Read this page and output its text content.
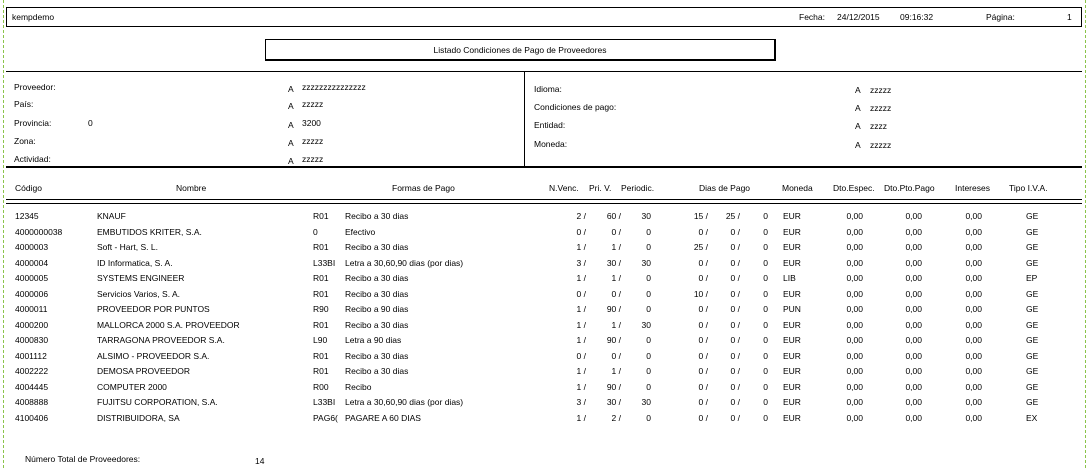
kempdemo	Fecha: 24/12/2015 09:16:32	Página:	1
Listado Condiciones de Pago de Proveedores
Proveedor:	A zzzzzzzzzzzzzzz
País:	A zzzzz
Provincia:	0	A 3200
Zona:	A zzzzz
Actividad:	A zzzzz
Idioma:	A zzzzz
Condiciones de pago:	A zzzzz
Entidad:	A zzzz
Moneda:	A zzzzz
Código	Nombre	Formas de Pago	N.Venc. Pri. V. Periodic.	Dias de Pago	Moneda Dto.Espec. Dto.Pto.Pago Intereses Tipo I.V.A.
12345	KNAUF	R01	Recibo a 30 dias	2 /	60 /	30	15 /	25 /	0 EUR	0,00	0,00	0,00	GE
4000000038	EMBUTIDOS KRITER, S.A.	0	Efectivo	0 /	0 /	0	0 /	0 /	0 EUR	0,00	0,00	0,00	GE
4000003	Soft - Hart, S. L.	R01	Recibo a 30 dias	1 /	1 /	0	25 /	0 /	0 EUR	0,00	0,00	0,00	GE
4000004	ID Informatica, S. A.	L33BI	Letra a 30,60,90 dias (por dias)	3 /	30 /	30	0 /	0 /	0 EUR	0,00	0,00	0,00	GE
4000005	SYSTEMS ENGINEER	R01	Recibo a 30 dias	1 /	1 /	0	0 /	0 /	0 LIB	0,00	0,00	0,00	EP
4000006	Servicios Varios, S. A.	R01	Recibo a 30 dias	0 /	0 /	0	10 /	0 /	0 EUR	0,00	0,00	0,00	GE
4000011	PROVEEDOR POR PUNTOS	R90	Recibo a 90 dias	1 /	90 /	0	0 /	0 /	0 PUN	0,00	0,00	0,00	GE
4000200	MALLORCA 2000 S.A. PROVEEDOR	R01	Recibo a 30 dias	1 /	1 /	30	0 /	0 /	0 EUR	0,00	0,00	0,00	GE
4000830	TARRAGONA PROVEEDOR S.A.	L90	Letra a 90 dias	1 /	90 /	0	0 /	0 /	0 EUR	0,00	0,00	0,00	GE
4001112	ALSIMO - PROVEEDOR S.A.	R01	Recibo a 30 dias	0 /	0 /	0	0 /	0 /	0 EUR	0,00	0,00	0,00	GE
4002222	DEMOSA PROVEEDOR	R01	Recibo a 30 dias	1 /	1 /	0	0 /	0 /	0 EUR	0,00	0,00	0,00	GE
4004445	COMPUTER 2000	R00	Recibo	1 /	90 /	0	0 /	0 /	0 EUR	0,00	0,00	0,00	GE
4008888	FUJITSU CORPORATION, S.A.	L33BI	Letra a 30,60,90 dias (por dias)	3 /	30 /	30	0 /	0 /	0 EUR	0,00	0,00	0,00	GE
4100406	DISTRIBUIDORA, SA	PAG6( PAGARE A 60 DIAS	1 /	2 /	0	0 /	0 /	0 EUR	0,00	0,00	0,00	EX
Número Total de Proveedores:	14
